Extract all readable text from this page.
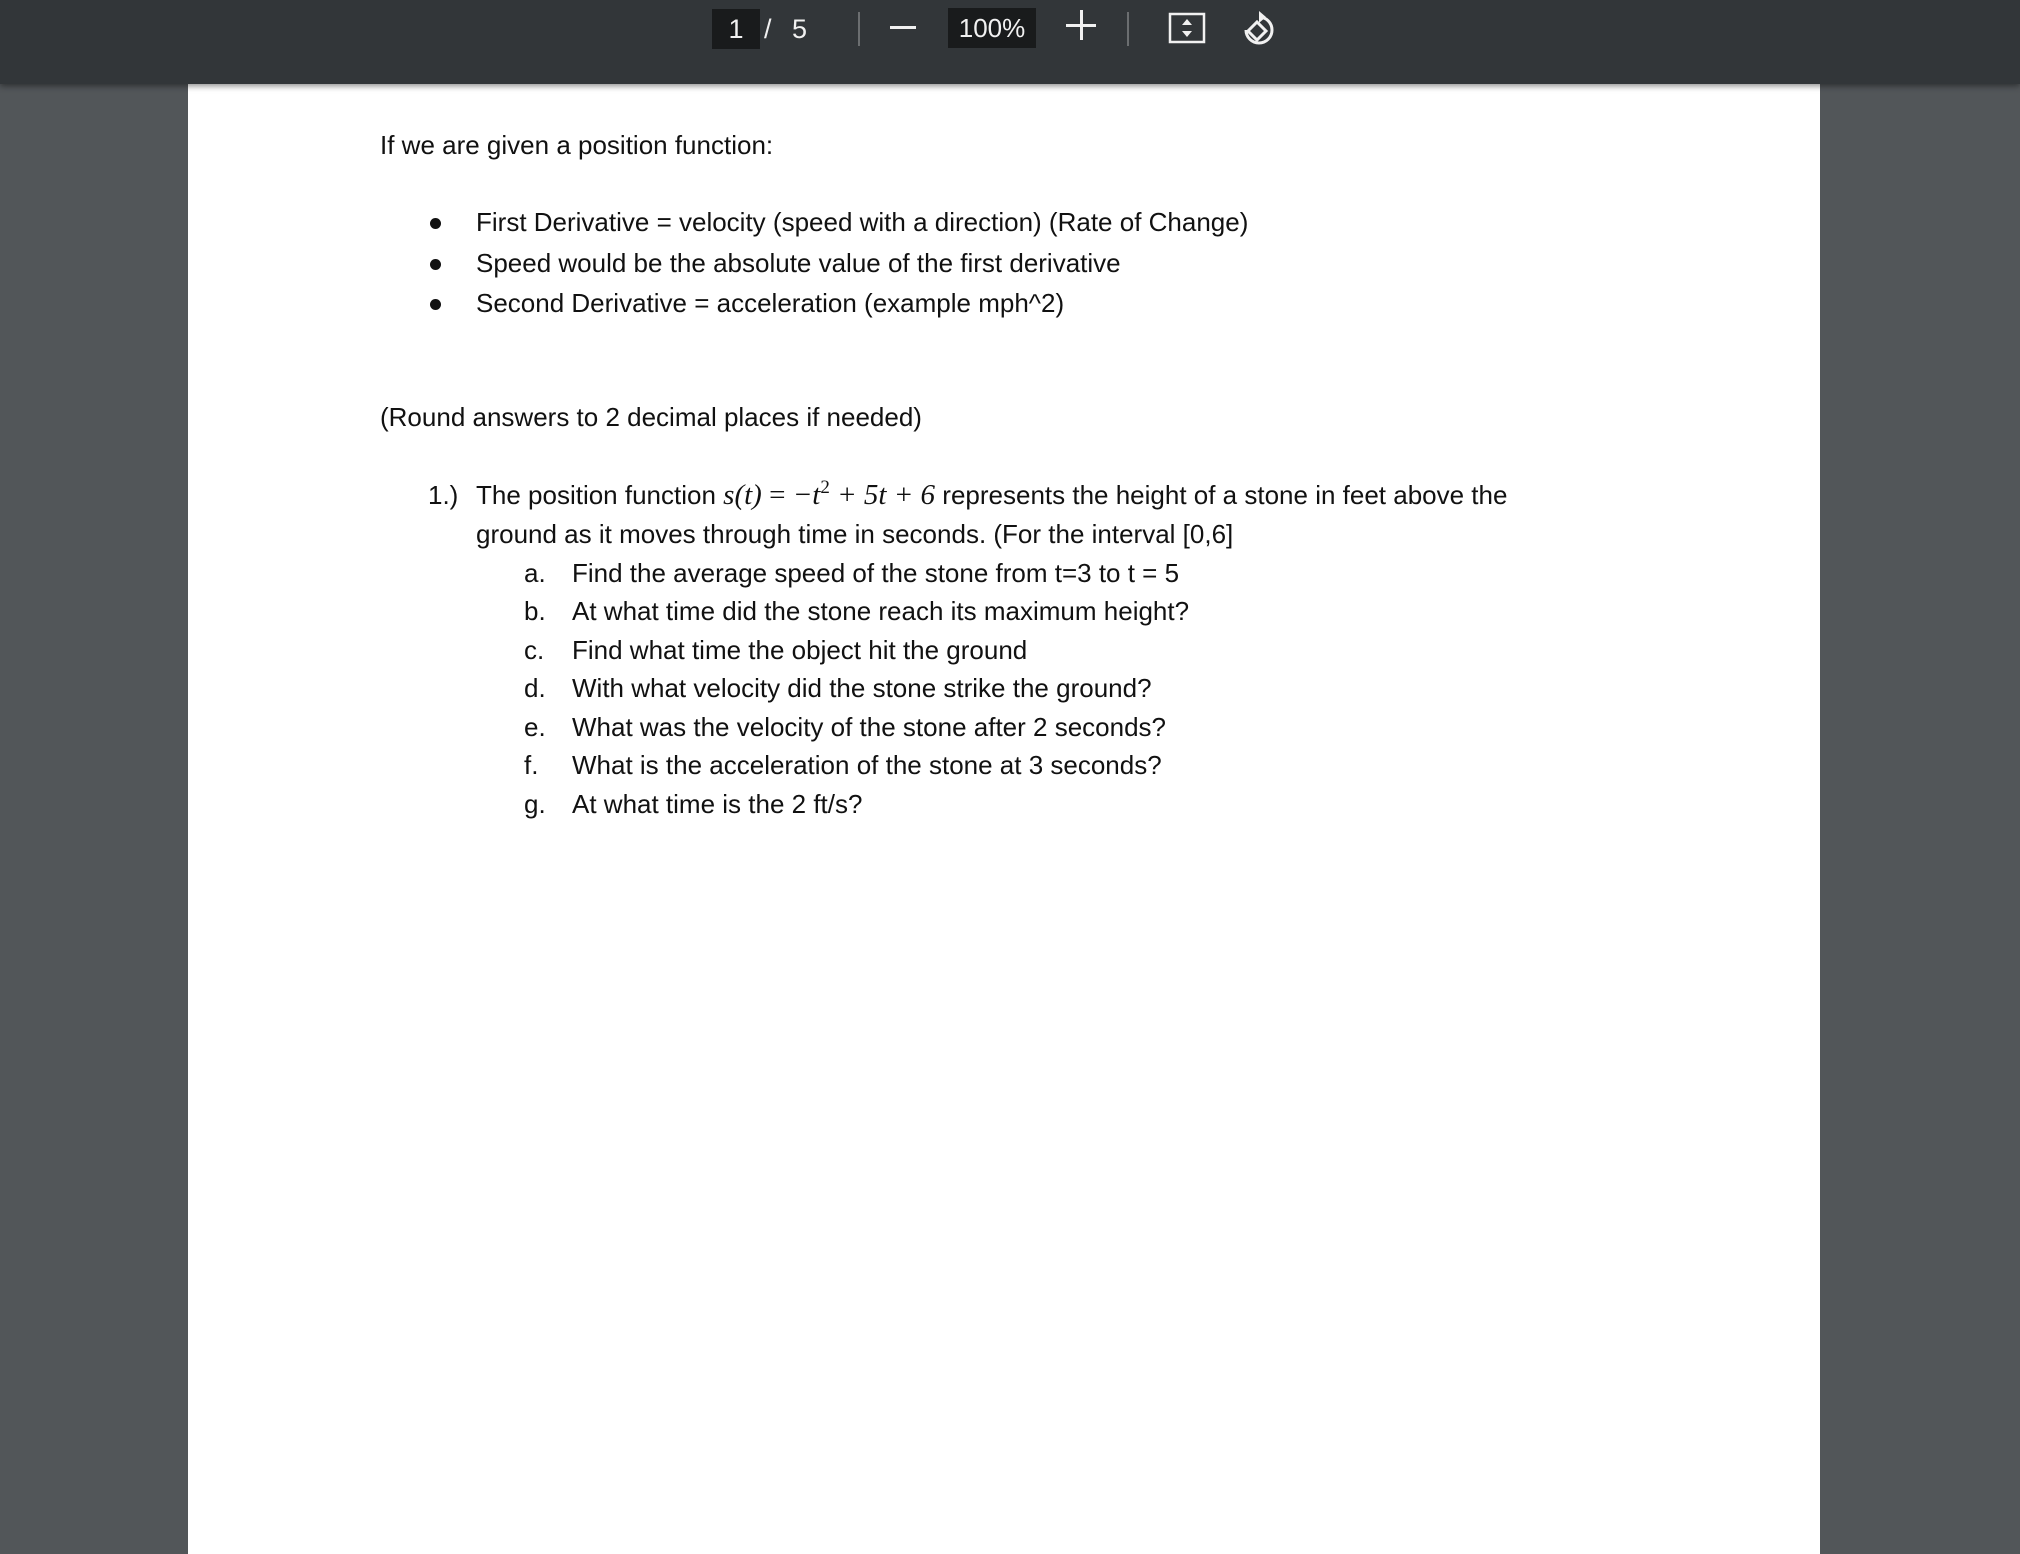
1 / 5	100%
If we are given a position function:
First Derivative = velocity (speed with a direction) (Rate of Change)
Speed would be the absolute value of the first derivative
Second Derivative = acceleration (example mph^2)
(Round answers to 2 decimal places if needed)
1.) The position function $s(t) = -t^2 + 5t + 6$ represents the height of a stone in feet above the
ground as it moves through time in seconds. (For the interval [0,6]
a. Find the average speed of the stone from t=3 to t = 5
b. At what time did the stone reach its maximum height?
c. Find what time the object hit the ground
d. With what velocity did the stone strike the ground?
e. What was the velocity of the stone after 2 seconds?
f. What is the acceleration of the stone at 3 seconds?
g. At what time is the 2 ft/s?
